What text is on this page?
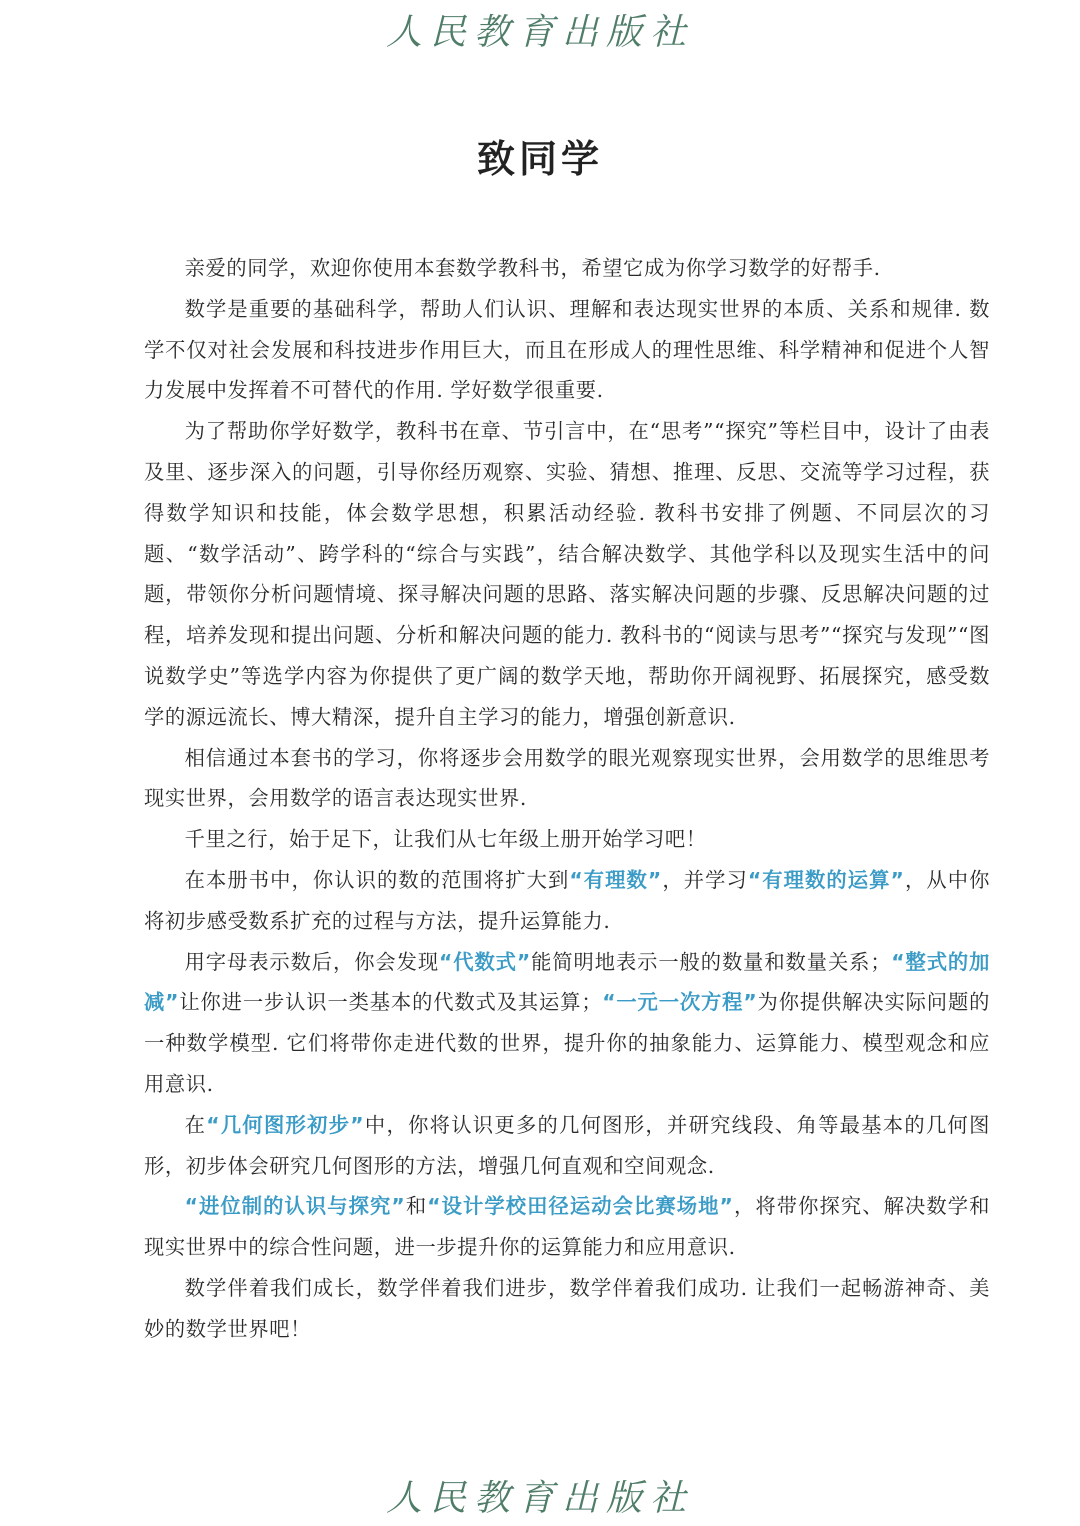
人民教育出版社
致同学

亲爱的同学，欢迎你使用本套数学教科书，希望它成为你学习数学的好帮手.

数学是重要的基础科学，帮助人们认识、理解和表达现实世界的本质、关系和规律. 数学不仅对社会发展和科技进步作用巨大，而且在形成人的理性思维、科学精神和促进个人智力发展中发挥着不可替代的作用. 学好数学很重要.

为了帮助你学好数学，教科书在章、节引言中，在“思考”“探究”等栏目中，设计了由表及里、逐步深入的问题，引导你经历观察、实验、猜想、推理、反思、交流等学习过程，获得数学知识和技能，体会数学思想，积累活动经验. 教科书安排了例题、不同层次的习题、“数学活动”、跨学科的“综合与实践”，结合解决数学、其他学科以及现实生活中的问题，带领你分析问题情境、探寻解决问题的思路、落实解决问题的步骤、反思解决问题的过程，培养发现和提出问题、分析和解决问题的能力. 教科书的“阅读与思考”“探究与发现”“图说数学史”等选学内容为你提供了更广阔的数学天地，帮助你开阔视野、拓展探究，感受数学的源远流长、博大精深，提升自主学习的能力，增强创新意识.

相信通过本套书的学习，你将逐步会用数学的眼光观察现实世界，会用数学的思维思考现实世界，会用数学的语言表达现实世界.

千里之行，始于足下，让我们从七年级上册开始学习吧！

在本册书中，你认识的数的范围将扩大到“有理数”，并学习“有理数的运算”，从中你将初步感受数系扩充的过程与方法，提升运算能力.

用字母表示数后，你会发现“代数式”能简明地表示一般的数量和数量关系；“整式的加减”让你进一步认识一类基本的代数式及其运算；“一元一次方程”为你提供解决实际问题的一种数学模型. 它们将带你走进代数的世界，提升你的抽象能力、运算能力、模型观念和应用意识.

在“几何图形初步”中，你将认识更多的几何图形，并研究线段、角等最基本的几何图形，初步体会研究几何图形的方法，增强几何直观和空间观念.

“进位制的认识与探究”和“设计学校田径运动会比赛场地”，将带你探究、解决数学和现实世界中的综合性问题，进一步提升你的运算能力和应用意识.

数学伴着我们成长，数学伴着我们进步，数学伴着我们成功. 让我们一起畅游神奇、美妙的数学世界吧！

人民教育出版社
